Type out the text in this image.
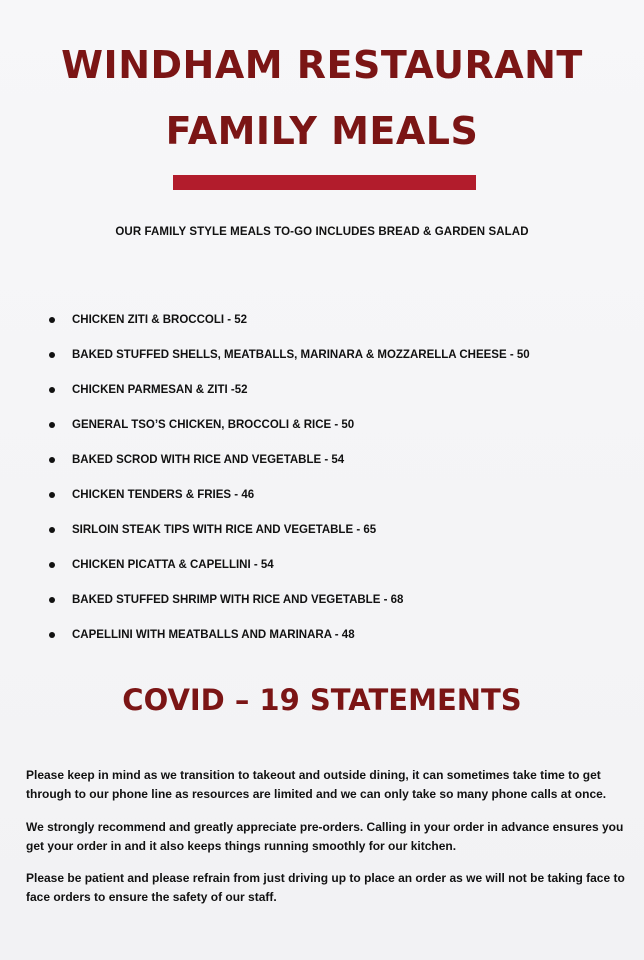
WINDHAM RESTAURANT
FAMILY MEALS
OUR FAMILY STYLE MEALS TO-GO INCLUDES BREAD & GARDEN SALAD
CHICKEN ZITI & BROCCOLI - 52
BAKED STUFFED SHELLS, MEATBALLS, MARINARA & MOZZARELLA CHEESE - 50
CHICKEN PARMESAN & ZITI -52
GENERAL TSO’S CHICKEN, BROCCOLI & RICE - 50
BAKED SCROD WITH RICE AND VEGETABLE - 54
CHICKEN TENDERS & FRIES - 46
SIRLOIN STEAK TIPS WITH RICE AND VEGETABLE - 65
CHICKEN PICATTA & CAPELLINI - 54
BAKED STUFFED SHRIMP WITH RICE AND VEGETABLE - 68
CAPELLINI WITH MEATBALLS AND MARINARA - 48
COVID – 19 STATEMENTS

Please keep in mind as we transition to takeout and outside dining, it can sometimes take time to get through to our phone line as resources are limited and we can only take so many phone calls at once.

We strongly recommend and greatly appreciate pre-orders. Calling in your order in advance ensures you get your order in and it also keeps things running smoothly for our kitchen.

Please be patient and please refrain from just driving up to place an order as we will not be taking face to face orders to ensure the safety of our staff.
